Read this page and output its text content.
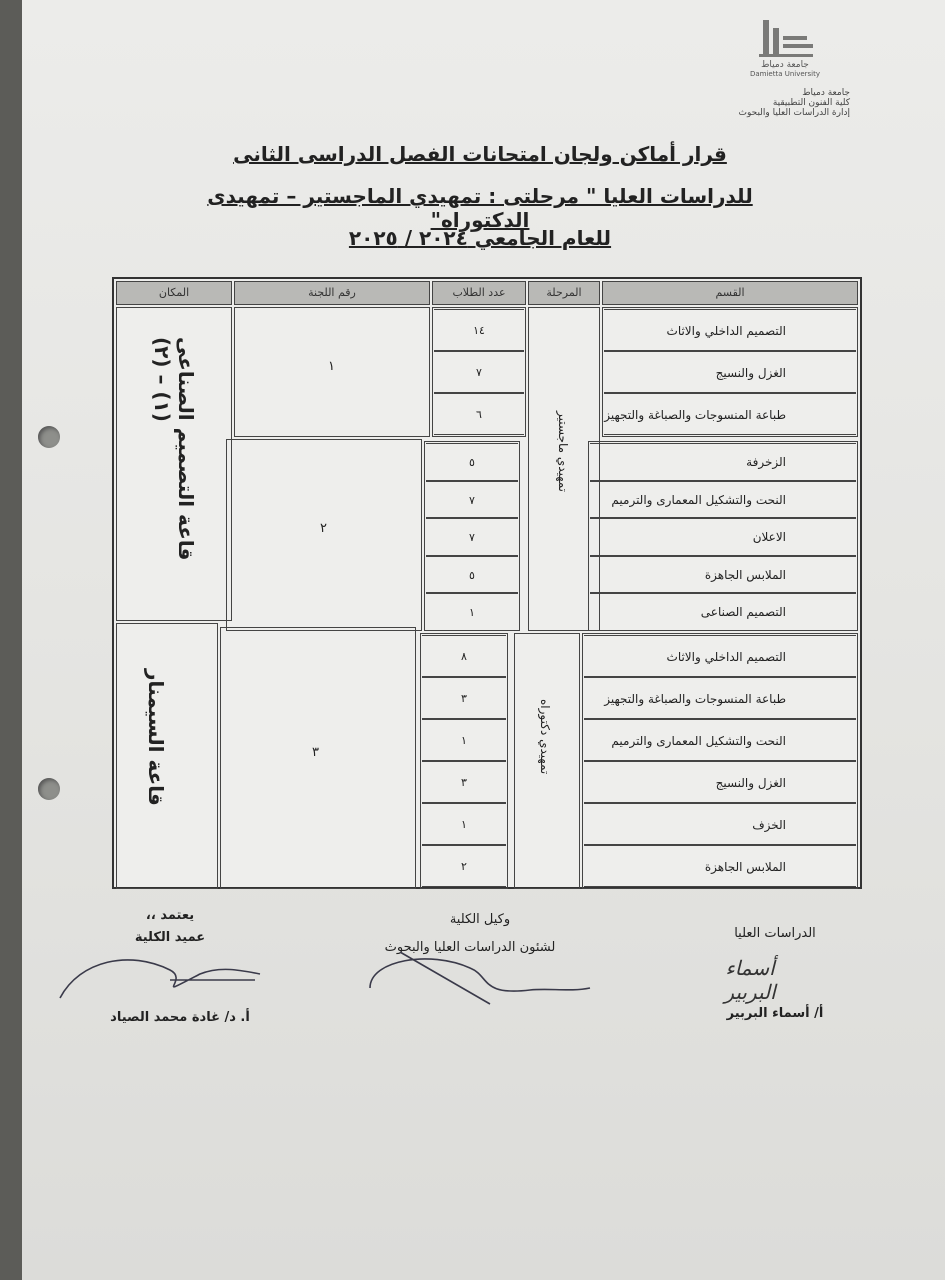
جامعة دمياط
Damietta University
جامعة دمياط
كلية الفنون التطبيقية
إدارة الدراسات العليا والبحوث
قرار أماكن ولجان امتحانات الفصل الدراسى الثانى
للدراسات العليا " مرحلتى : تمهيدي الماجستير – تمهيدى الدكتوراه"
للعام الجامعي ٢٠٢٤ / ٢٠٢٥
القسم
المرحلة
عدد الطلاب
رقم اللجنة
المكان
تمهيدي ماجستير
تمهيدي دكتوراه
١
٢
٣
قاعة التصميم الصناعى (١) – (٢)
قاعة السيمنار
التصميم الداخلي والاثاث
١٤
الغزل والنسيج
٧
طباعة المنسوجات والصباغة والتجهيز
٦
الزخرفة
٥
النحت والتشكيل المعمارى والترميم
٧
الاعلان
٧
الملابس الجاهزة
٥
التصميم الصناعى
١
التصميم الداخلي والاثاث
٨
طباعة المنسوجات والصباغة والتجهيز
٣
النحت والتشكيل المعمارى والترميم
١
الغزل والنسيج
٣
الخزف
١
الملابس الجاهزة
٢
الدراسات العليا
أسماء البربير
أ/ أسماء البربير
وكيل الكلية
لشئون الدراسات العليا والبحوث
يعتمد ،،
عميد الكلية
أ. د/ غادة محمد الصياد
